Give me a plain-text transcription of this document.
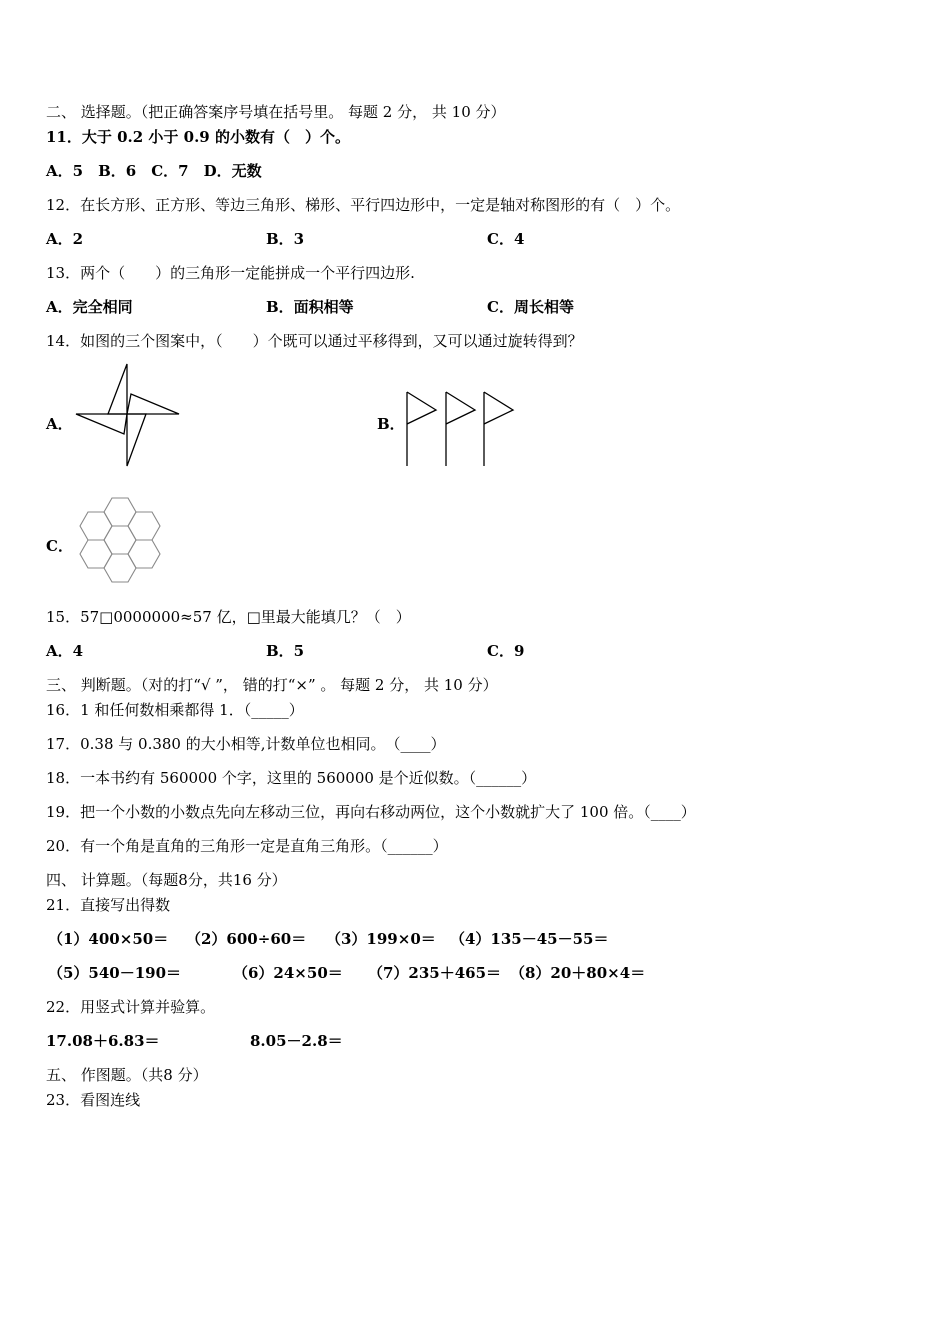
二、 选择题。（把正确答案序号填在括号里。 每题 2 分， 共 10 分）
11．大于 0.2 小于 0.9 的小数有（　）个。
A．5　B．6　C．7　D．无数
12．在长方形、正方形、等边三角形、梯形、平行四边形中，一定是轴对称图形的有（　）个。
A．2	B．3	C．4
13．两个（　　）的三角形一定能拼成一个平行四边形.
A．完全相同	B．面积相等	C．周长相等
14．如图的三个图案中，（　　）个既可以通过平移得到，又可以通过旋转得到？
A．	B．
C．
15．57□0000000≈57 亿，□里最大能填几？（　）
A．4	B．5	C．9
三、 判断题。（对的打“√ ”， 错的打“×” 。 每题 2 分， 共 10 分）
16．1 和任何数相乘都得 1．（_____）
17．0.38 与 0.380 的大小相等,计数单位也相同。　（____）
18．一本书约有 560000 个字，这里的 560000 是个近似数。（______）
19．把一个小数的小数点先向左移动三位，再向右移动两位，这个小数就扩大了 100 倍。（____）
20．有一个角是直角的三角形一定是直角三角形。（______）
四、 计算题。（每题8分，共16 分）
21．直接写出得数
（1）400×50＝ （2）600÷60＝ （3）199×0＝ （4）135－45－55＝
（5）540－190＝	（6）24×50＝ （7）235＋465＝ （8）20＋80×4＝
22．用竖式计算并验算。
17.08＋6.83＝	8.05－2.8＝
五、 作图题。（共8 分）
23．看图连线
